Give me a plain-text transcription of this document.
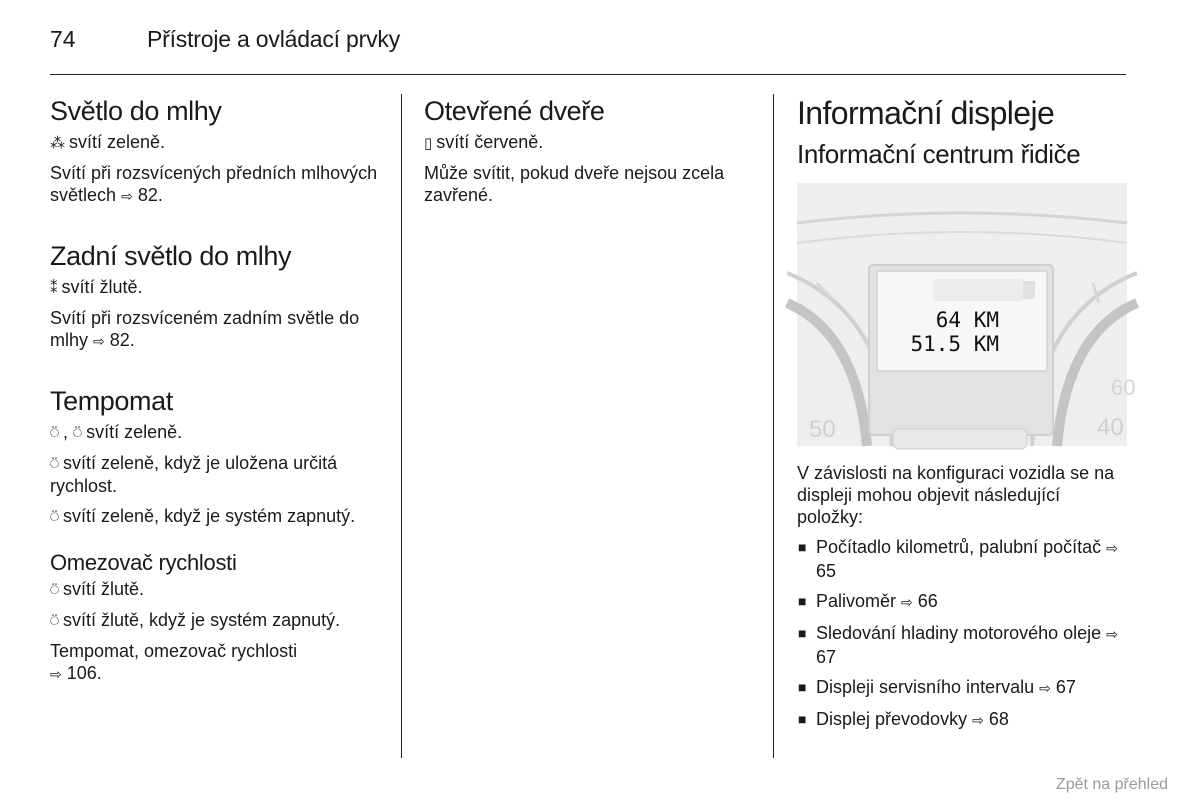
74	Přístroje a ovládací prvky
Světlo do mlhy

⁂ svítí zeleně.

Svítí při rozsvícených předních mlhových světlech ⇨ 82.

Zadní světlo do mlhy

⁑ svítí žlutě.

Svítí při rozsvíceném zadním světle do mlhy ⇨ 82.

Tempomat

⍥ , ⍥ svítí zeleně.

⍥ svítí zeleně, když je uložena určitá rychlost.

⍥ svítí zeleně, když je systém zapnutý.

Omezovač rychlosti

⍥ svítí žlutě.

⍥ svítí žlutě, když je systém zapnutý.

Tempomat, omezovač rychlosti
⇨ 106.

Otevřené dveře

▯ svítí červeně.

Může svítit, pokud dveře nejsou zcela zavřené.

Informační displeje
Informační centrum řidiče
50	40
60
64 KM
51.5 KM

V závislosti na konfiguraci vozidla se na displeji mohou objevit následující položky:

■ Počítadlo kilometrů, palubní počítač ⇨ 65
■ Palivoměr ⇨ 66
■ Sledování hladiny motorového oleje ⇨ 67
■ Displeji servisního intervalu ⇨ 67
■ Displej převodovky ⇨ 68
Zpět na přehled
